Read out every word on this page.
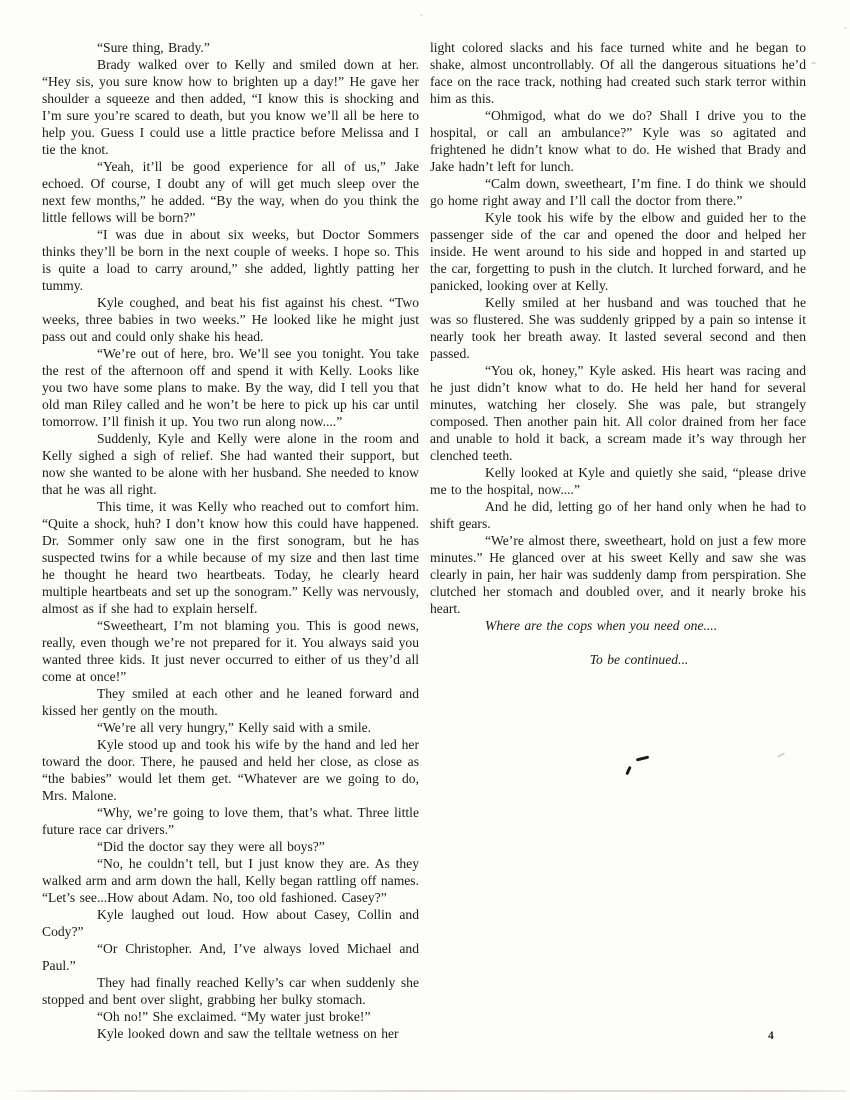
“Sure thing, Brady.”

Brady walked over to Kelly and smiled down at her. “Hey sis, you sure know how to brighten up a day!” He gave her shoulder a squeeze and then added, “I know this is shocking and I’m sure you’re scared to death, but you know we’ll all be here to help you. Guess I could use a little practice before Melissa and I tie the knot.

“Yeah, it’ll be good experience for all of us,” Jake echoed. Of course, I doubt any of will get much sleep over the next few months,” he added. “By the way, when do you think the little fellows will be born?”

“I was due in about six weeks, but Doctor Sommers thinks they’ll be born in the next couple of weeks. I hope so. This is quite a load to carry around,” she added, lightly patting her tummy.

Kyle coughed, and beat his fist against his chest. “Two weeks, three babies in two weeks.” He looked like he might just pass out and could only shake his head.

“We’re out of here, bro. We’ll see you tonight. You take the rest of the afternoon off and spend it with Kelly. Looks like you two have some plans to make. By the way, did I tell you that old man Riley called and he won’t be here to pick up his car until tomorrow. I’ll finish it up. You two run along now....”

Suddenly, Kyle and Kelly were alone in the room and Kelly sighed a sigh of relief. She had wanted their support, but now she wanted to be alone with her husband. She needed to know that he was all right.

This time, it was Kelly who reached out to comfort him. “Quite a shock, huh? I don’t know how this could have happened. Dr. Sommer only saw one in the first sonogram, but he has suspected twins for a while because of my size and then last time he thought he heard two heartbeats. Today, he clearly heard multiple heartbeats and set up the sonogram.” Kelly was nervously, almost as if she had to explain herself.

“Sweetheart, I’m not blaming you. This is good news, really, even though we’re not prepared for it. You always said you wanted three kids. It just never occurred to either of us they’d all come at once!”

They smiled at each other and he leaned forward and kissed her gently on the mouth.

“We’re all very hungry,” Kelly said with a smile.

Kyle stood up and took his wife by the hand and led her toward the door. There, he paused and held her close, as close as “the babies” would let them get. “Whatever are we going to do, Mrs. Malone.

“Why, we’re going to love them, that’s what. Three little future race car drivers.”

“Did the doctor say they were all boys?”

“No, he couldn’t tell, but I just know they are. As they walked arm and arm down the hall, Kelly began rattling off names. “Let’s see...How about Adam. No, too old fashioned. Casey?”

Kyle laughed out loud. How about Casey, Collin and Cody?”

“Or Christopher. And, I’ve always loved Michael and Paul.”

They had finally reached Kelly’s car when suddenly she stopped and bent over slight, grabbing her bulky stomach.

“Oh no!” She exclaimed. “My water just broke!”

Kyle looked down and saw the telltale wetness on her

light colored slacks and his face turned white and he began to shake, almost uncontrollably. Of all the dangerous situations he’d face on the race track, nothing had created such stark terror within him as this.

“Ohmigod, what do we do? Shall I drive you to the hospital, or call an ambulance?” Kyle was so agitated and frightened he didn’t know what to do. He wished that Brady and Jake hadn’t left for lunch.

“Calm down, sweetheart, I’m fine. I do think we should go home right away and I’ll call the doctor from there.”

Kyle took his wife by the elbow and guided her to the passenger side of the car and opened the door and helped her inside. He went around to his side and hopped in and started up the car, forgetting to push in the clutch. It lurched forward, and he panicked, looking over at Kelly.

Kelly smiled at her husband and was touched that he was so flustered. She was suddenly gripped by a pain so intense it nearly took her breath away. It lasted several second and then passed.

“You ok, honey,” Kyle asked. His heart was racing and he just didn’t know what to do. He held her hand for several minutes, watching her closely. She was pale, but strangely composed. Then another pain hit. All color drained from her face and unable to hold it back, a scream made it’s way through her clenched teeth.

Kelly looked at Kyle and quietly she said, “please drive me to the hospital, now....”

And he did, letting go of her hand only when he had to shift gears.

“We’re almost there, sweetheart, hold on just a few more minutes.” He glanced over at his sweet Kelly and saw she was clearly in pain, her hair was suddenly damp from perspiration. She clutched her stomach and doubled over, and it nearly broke his heart.

Where are the cops when you need one....

To be continued...

4
